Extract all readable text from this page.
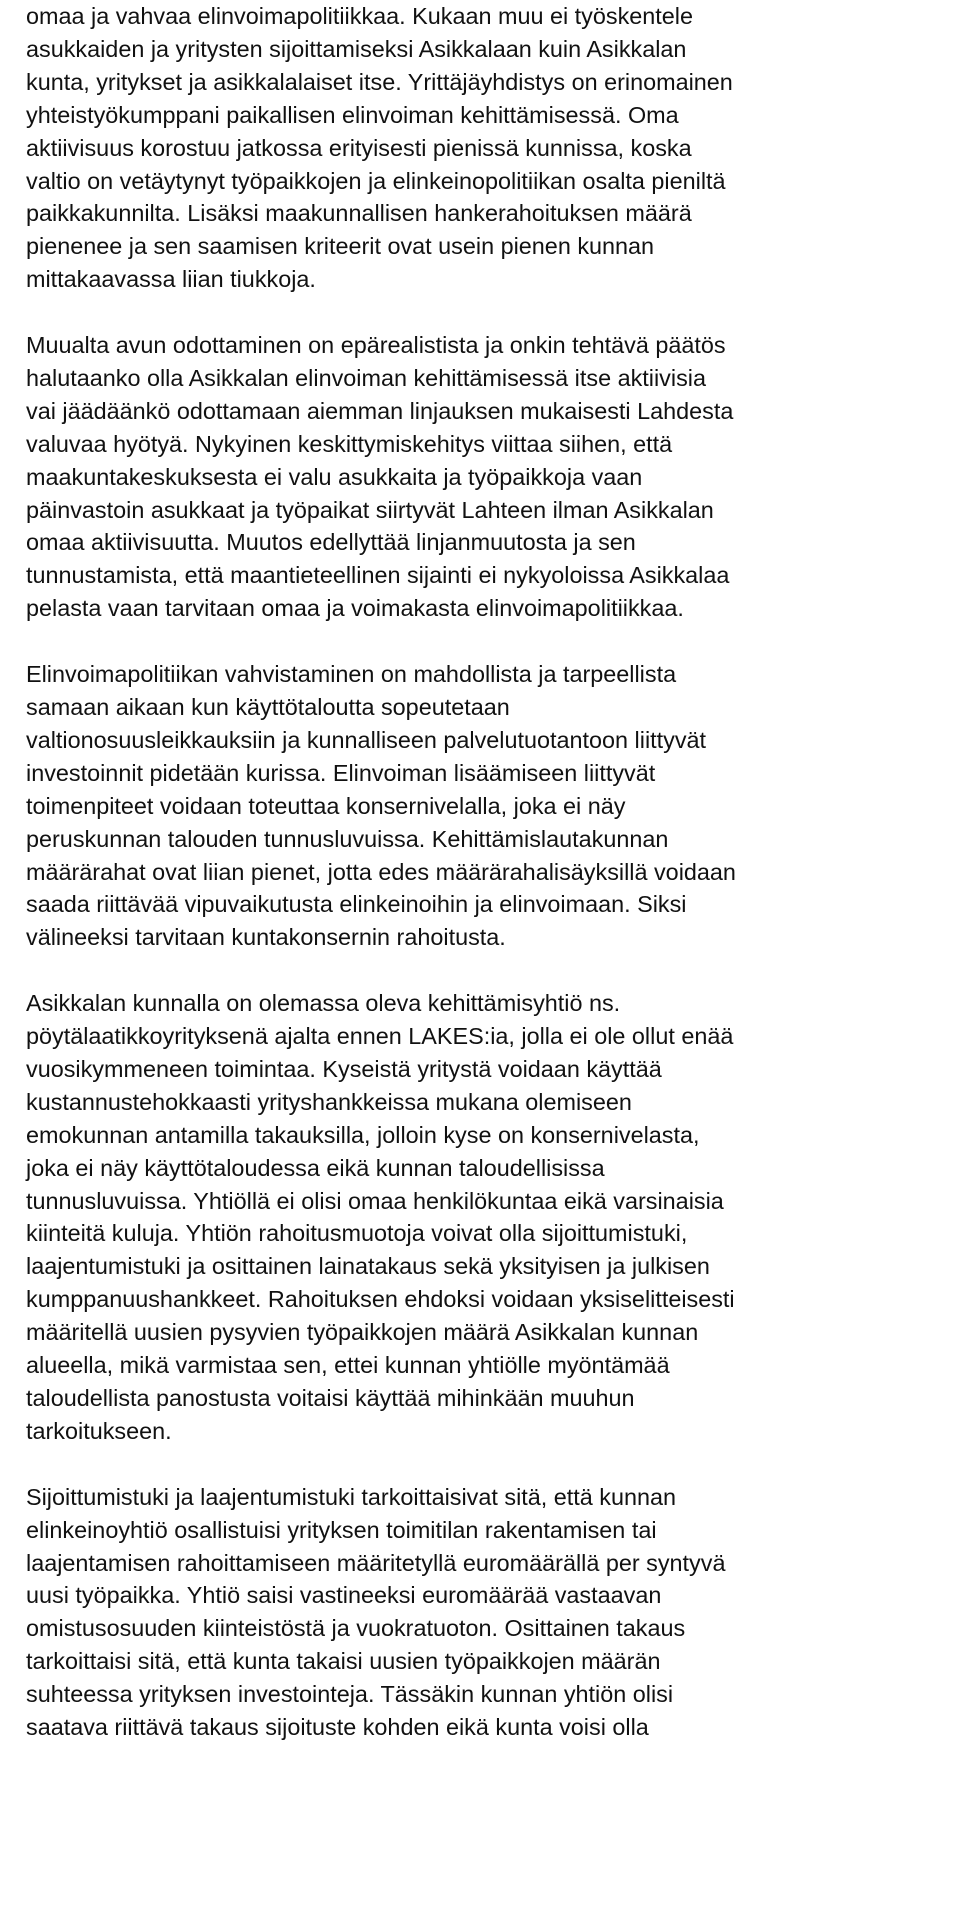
omaa ja vahvaa elinvoimapolitiikkaa. Kukaan muu ei työskentele
asukkaiden ja yritysten sijoittamiseksi Asikkalaan kuin Asikkalan
kunta, yritykset ja asikkalalaiset itse. Yrittäjäyhdistys on erinomainen
yhteistyökumppani paikallisen elinvoiman kehittämisessä. Oma
aktiivisuus korostuu jatkossa erityisesti pienissä kunnissa, koska
valtio on vetäytynyt työpaikkojen ja elinkeinopolitiikan osalta pieniltä
paikkakunnilta. Lisäksi maakunnallisen hankerahoituksen määrä
pienenee ja sen saamisen kriteerit ovat usein pienen kunnan
mittakaavassa liian tiukkoja.
Muualta avun odottaminen on epärealistista ja onkin tehtävä päätös
halutaanko olla Asikkalan elinvoiman kehittämisessä itse aktiivisia
vai jäädäänkö odottamaan aiemman linjauksen mukaisesti Lahdesta
valuvaa hyötyä. Nykyinen keskittymiskehitys viittaa siihen, että
maakuntakeskuksesta ei valu asukkaita ja työpaikkoja vaan
päinvastoin asukkaat ja työpaikat siirtyvät Lahteen ilman Asikkalan
omaa aktiivisuutta. Muutos edellyttää linjanmuutosta ja sen
tunnustamista, että maantieteellinen sijainti ei nykyoloissa Asikkalaa
pelasta vaan tarvitaan omaa ja voimakasta elinvoimapolitiikkaa.
Elinvoimapolitiikan vahvistaminen on mahdollista ja tarpeellista
samaan aikaan kun käyttötaloutta sopeutetaan
valtionosuusleikkauksiin ja kunnalliseen palvelutuotantoon liittyvät
investoinnit pidetään kurissa. Elinvoiman lisäämiseen liittyvät
toimenpiteet voidaan toteuttaa konsernivelalla, joka ei näy
peruskunnan talouden tunnusluvuissa. Kehittämislautakunnan
määrärahat ovat liian pienet, jotta edes määrärahalisäyksillä voidaan
saada riittävää vipuvaikutusta elinkeinoihin ja elinvoimaan. Siksi
välineeksi tarvitaan kuntakonsernin rahoitusta.
Asikkalan kunnalla on olemassa oleva kehittämisyhtiö ns.
pöytälaatikkoyrityksenä ajalta ennen LAKES:ia, jolla ei ole ollut enää
vuosikymmeneen toimintaa. Kyseistä yritystä voidaan käyttää
kustannustehokkaasti yrityshankkeissa mukana olemiseen
emokunnan antamilla takauksilla, jolloin kyse on konsernivelasta,
joka ei näy käyttötaloudessa eikä kunnan taloudellisissa
tunnusluvuissa. Yhtiöllä ei olisi omaa henkilökuntaa eikä varsinaisia
kiinteitä kuluja. Yhtiön rahoitusmuotoja voivat olla sijoittumistuki,
laajentumistuki ja osittainen lainatakaus sekä yksityisen ja julkisen
kumppanuushankkeet. Rahoituksen ehdoksi voidaan yksiselitteisesti
määritellä uusien pysyvien työpaikkojen määrä Asikkalan kunnan
alueella, mikä varmistaa sen, ettei kunnan yhtiölle myöntämää
taloudellista panostusta voitaisi käyttää mihinkään muuhun
tarkoitukseen.
Sijoittumistuki ja laajentumistuki tarkoittaisivat sitä, että kunnan
elinkeinoyhtiö osallistuisi yrityksen toimitilan rakentamisen tai
laajentamisen rahoittamiseen määritetyllä euromäärällä per syntyvä
uusi työpaikka. Yhtiö saisi vastineeksi euromäärää vastaavan
omistusosuuden kiinteistöstä ja vuokratuoton. Osittainen takaus
tarkoittaisi sitä, että kunta takaisi uusien työpaikkojen määrän
suhteessa yrityksen investointeja. Tässäkin kunnan yhtiön olisi
saatava riittävä takaus sijoituste kohden eikä kunta voisi olla
